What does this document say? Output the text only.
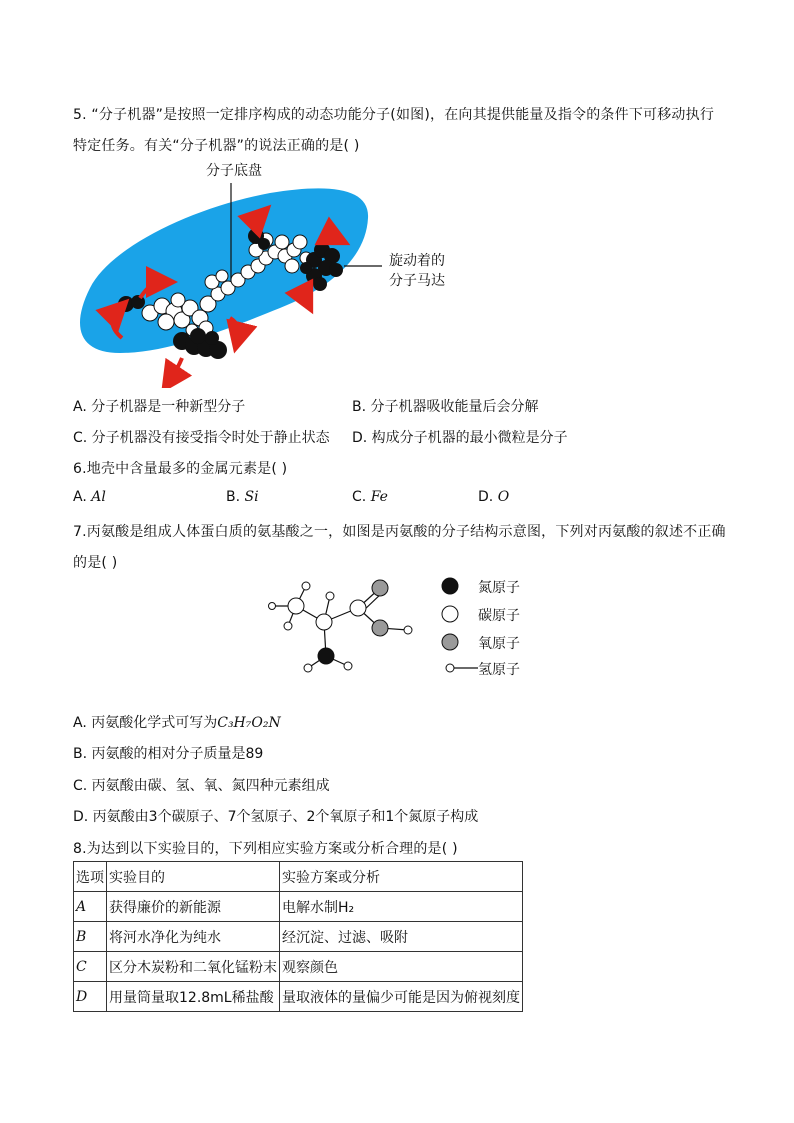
5. “分子机器”是按照一定排序构成的动态功能分子(如图)，在向其提供能量及指令的条件下可移动执行
特定任务。有关“分子机器”的说法正确的是( )
分子底盘
旋动着的
分子马达
A. 分子机器是一种新型分子	B. 分子机器吸收能量后会分解
C. 分子机器没有接受指令时处于静止状态 D. 构成分子机器的最小微粒是分子
6.地壳中含量最多的金属元素是( )
A. Al	B. Si	C. Fe	D. O
7.丙氨酸是组成人体蛋白质的氨基酸之一，如图是丙氨酸的分子结构示意图，下列对丙氨酸的叙述不正确
的是( )
氮原子
碳原子
氧原子
氢原子
A. 丙氨酸化学式可写为C₃H₇O₂N
B. 丙氨酸的相对分子质量是89
C. 丙氨酸由碳、氢、氧、氮四种元素组成
D. 丙氨酸由3个碳原子、7个氢原子、2个氧原子和1个氮原子构成
8.为达到以下实验目的，下列相应实验方案或分析合理的是( )
选项	实验目的	实验方案或分析
A	获得廉价的新能源	电解水制H₂
B	将河水净化为纯水	经沉淀、过滤、吸附
C	区分木炭粉和二氧化锰粉末	观察颜色
D	用量筒量取12.8mL稀盐酸	量取液体的量偏少可能是因为俯视刻度
